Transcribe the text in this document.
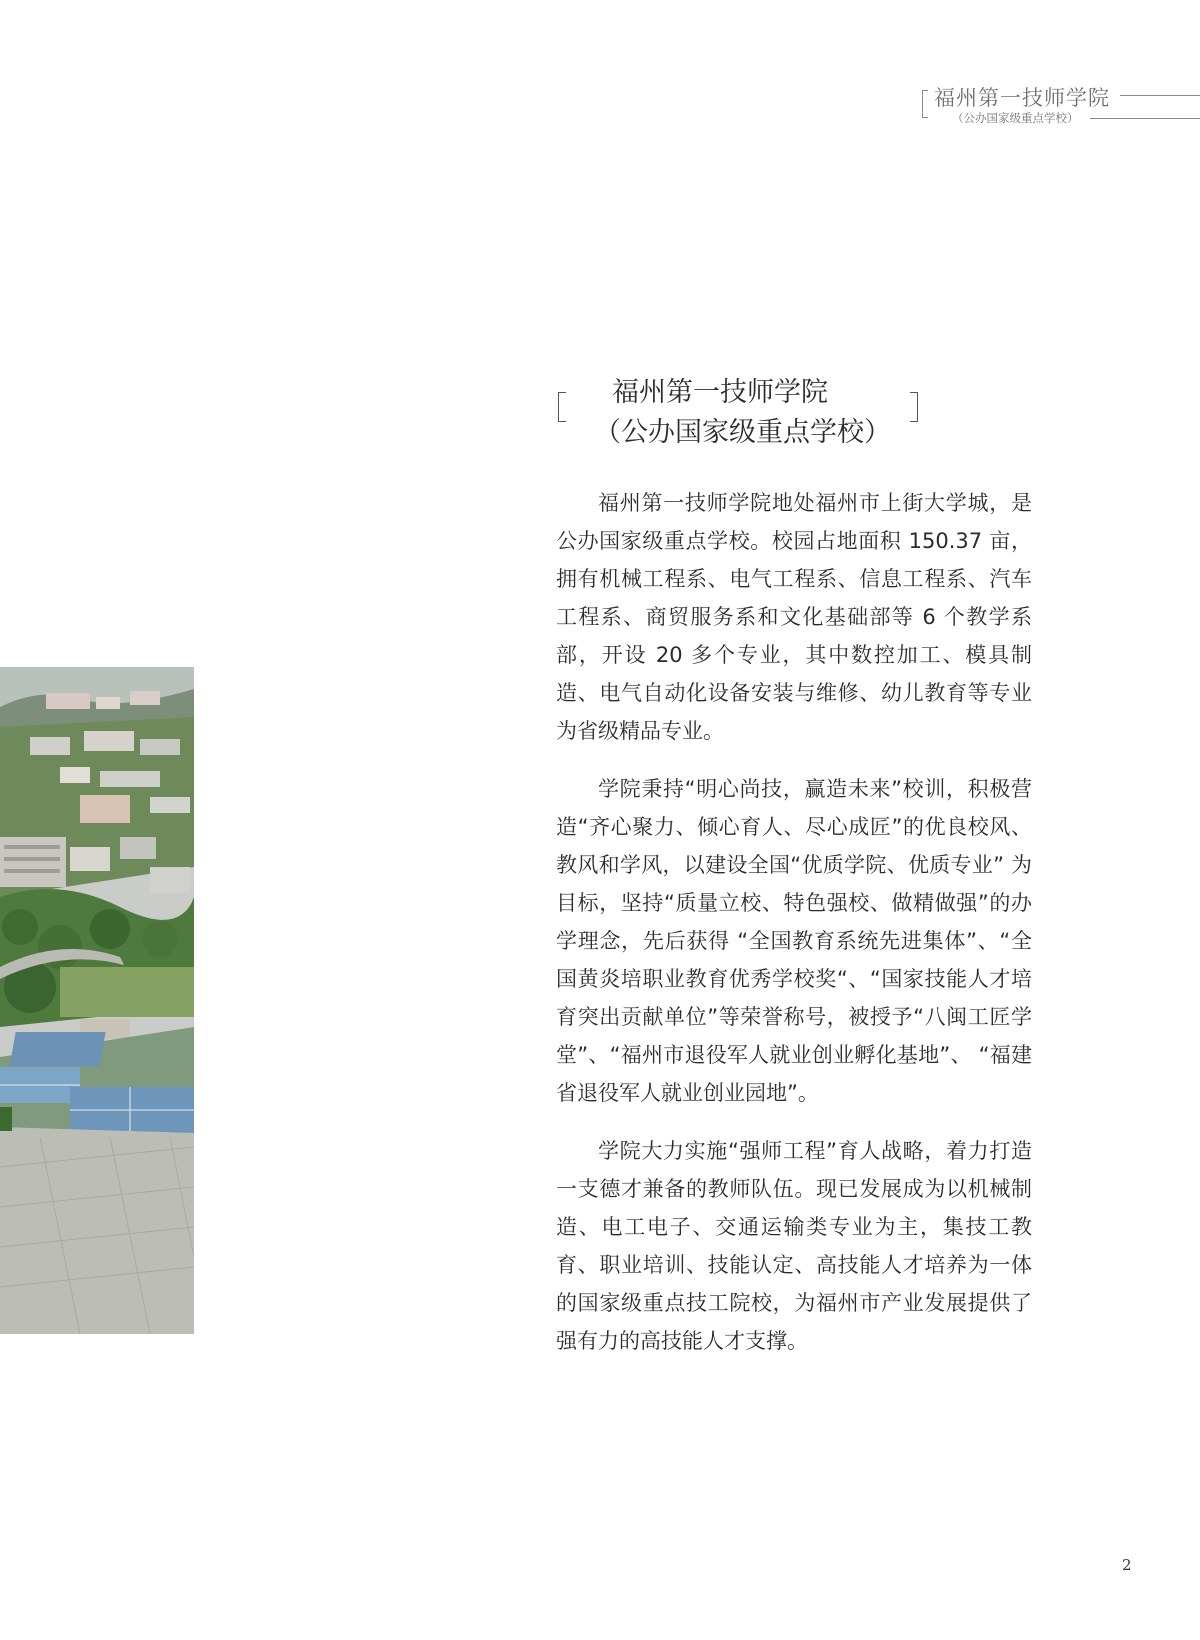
福州第一技师学院
（公办国家级重点学校）
福州第一技师学院
（公办国家级重点学校）

福州第一技师学院地处福州市上街大学城，是公办国家级重点学校。校园占地面积 150.37 亩，拥有机械工程系、电气工程系、信息工程系、汽车工程系、商贸服务系和文化基础部等 6 个教学系部，开设 20 多个专业，其中数控加工、模具制造、电气自动化设备安装与维修、幼儿教育等专业为省级精品专业。

学院秉持“明心尚技，赢造未来”校训，积极营造“齐心聚力、倾心育人、尽心成匠”的优良校风、教风和学风，以建设全国“优质学院、优质专业” 为目标，坚持“质量立校、特色强校、做精做强”的办学理念，先后获得 “全国教育系统先进集体”、“全国黄炎培职业教育优秀学校奖“、“国家技能人才培育突出贡献单位”等荣誉称号，被授予“八闽工匠学堂”、“福州市退役军人就业创业孵化基地”、 “福建省退役军人就业创业园地”。

学院大力实施“强师工程”育人战略，着力打造一支德才兼备的教师队伍。现已发展成为以机械制造、电工电子、交通运输类专业为主，集技工教育、职业培训、技能认定、高技能人才培养为一体的国家级重点技工院校，为福州市产业发展提供了强有力的高技能人才支撑。

2
